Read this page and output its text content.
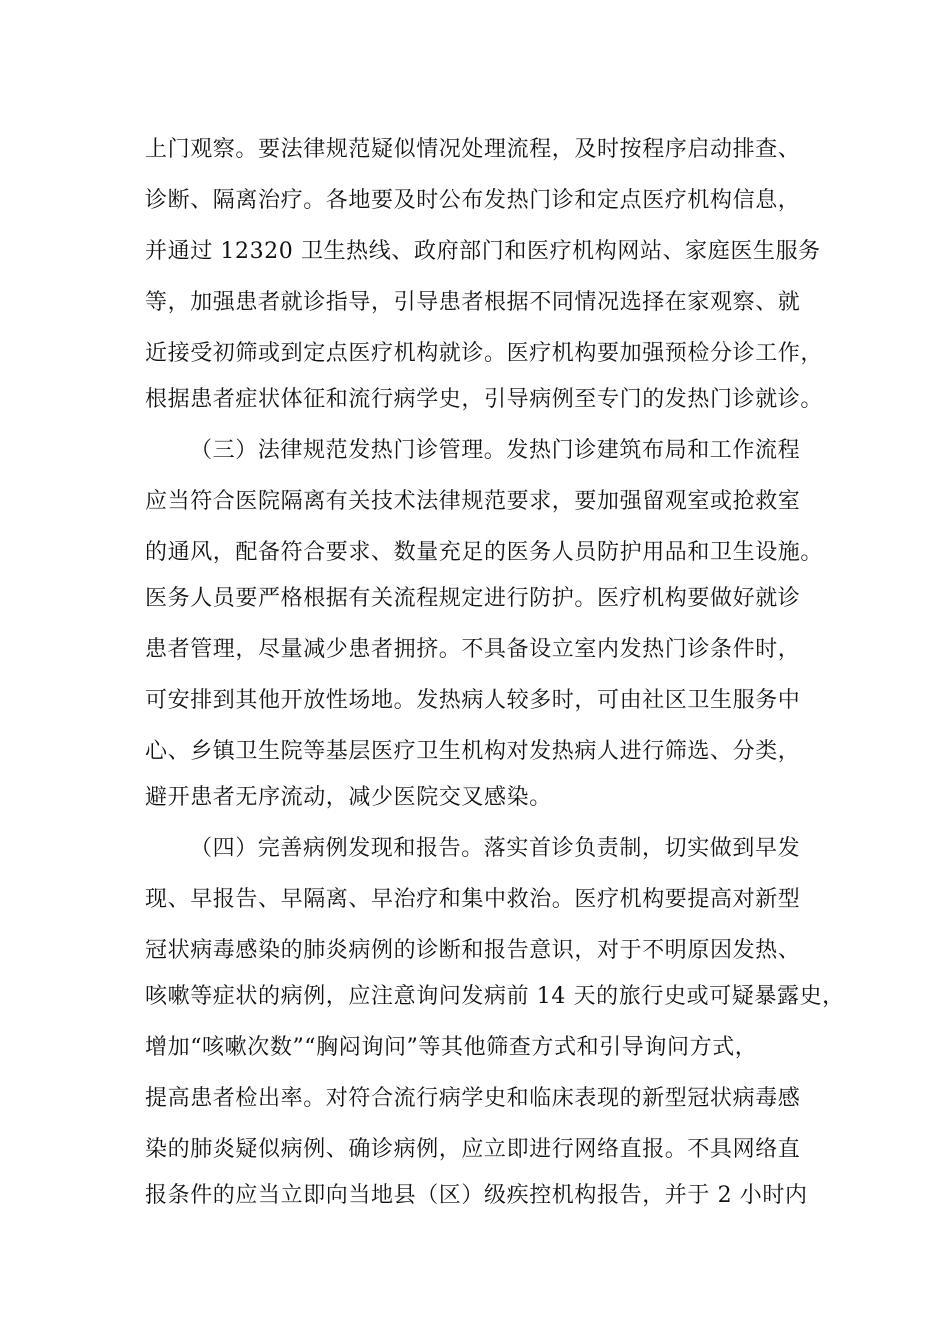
上门观察。要法律规范疑似情况处理流程，及时按程序启动排查、
诊断、隔离治疗。各地要及时公布发热门诊和定点医疗机构信息，
并通过 12320 卫生热线、政府部门和医疗机构网站、家庭医生服务
等，加强患者就诊指导，引导患者根据不同情况选择在家观察、就
近接受初筛或到定点医疗机构就诊。医疗机构要加强预检分诊工作，
根据患者症状体征和流行病学史，引导病例至专门的发热门诊就诊。
（三）法律规范发热门诊管理。发热门诊建筑布局和工作流程
应当符合医院隔离有关技术法律规范要求，要加强留观室或抢救室
的通风，配备符合要求、数量充足的医务人员防护用品和卫生设施。
医务人员要严格根据有关流程规定进行防护。医疗机构要做好就诊
患者管理，尽量减少患者拥挤。不具备设立室内发热门诊条件时，
可安排到其他开放性场地。发热病人较多时，可由社区卫生服务中
心、乡镇卫生院等基层医疗卫生机构对发热病人进行筛选、分类，
避开患者无序流动，减少医院交叉感染。
（四）完善病例发现和报告。落实首诊负责制，切实做到早发
现、早报告、早隔离、早治疗和集中救治。医疗机构要提高对新型
冠状病毒感染的肺炎病例的诊断和报告意识，对于不明原因发热、
咳嗽等症状的病例，应注意询问发病前 14 天的旅行史或可疑暴露史，
增加“咳嗽次数”“胸闷询问”等其他筛查方式和引导询问方式，
提高患者检出率。对符合流行病学史和临床表现的新型冠状病毒感
染的肺炎疑似病例、确诊病例，应立即进行网络直报。不具网络直
报条件的应当立即向当地县（区）级疾控机构报告，并于 2 小时内
